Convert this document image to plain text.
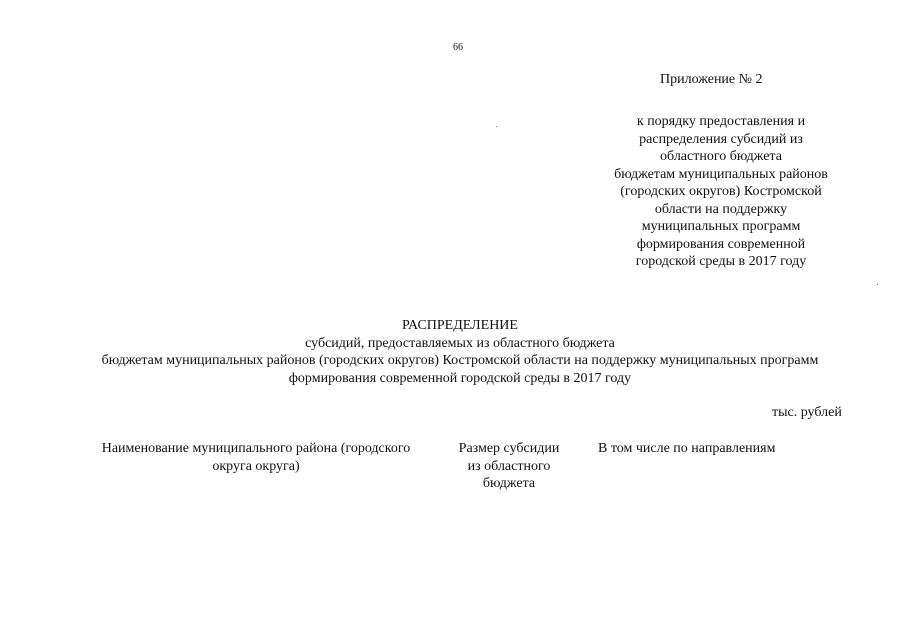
66
Приложение № 2
к порядку предоставления и
распределения субсидий из
областного бюджета
бюджетам муниципальных районов
(городских округов) Костромской
области на поддержку
муниципальных программ
формирования современной
городской среды в 2017 году
РАСПРЕДЕЛЕНИЕ
субсидий, предоставляемых из областного бюджета
бюджетам муниципальных районов (городских округов) Костромской области на поддержку муниципальных программ
формирования современной городской среды в 2017 году
тыс. рублей
Наименование муниципального района (городского
округа округа)
Размер субсидии
из областного
бюджета
В том числе по направлениям
